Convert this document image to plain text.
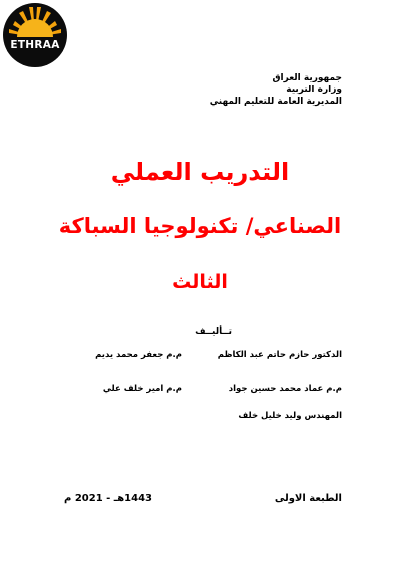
ETHRAA
جمهورية العراق
وزارة التربية
المديرية العامة للتعليم المهني
التدريب العملي
الصناعي/ تكنولوجيا السباكة
الثالث
تــأليــف
الدكتور حازم حاتم عبد الكاظم
م.م جعفر محمد يديم
م.م عماد محمد حسين جواد
م.م امير خلف علي
المهندس وليد خليل خلف
الطبعة الاولى
1443هـ - 2021 م
